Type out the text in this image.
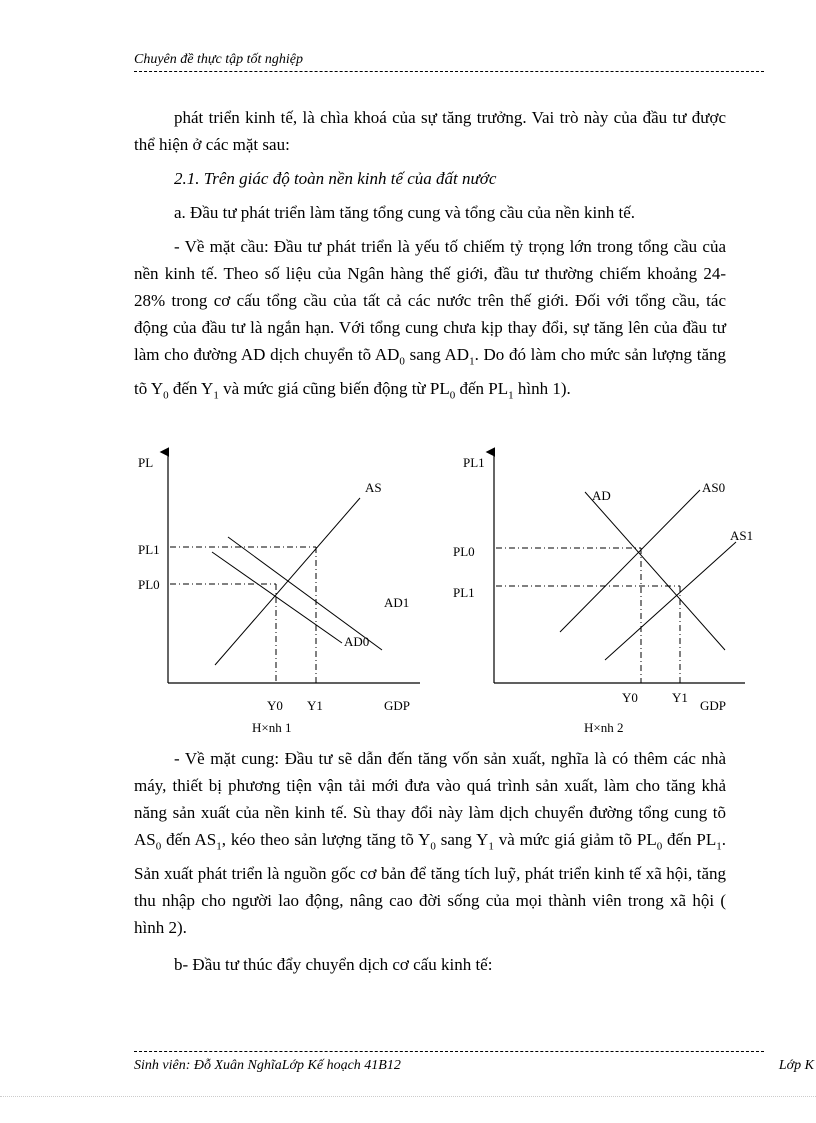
Chuyên đề thực tập tốt nghiệp

phát triển kinh tế, là chìa khoá của sự tăng trưởng. Vai trò này của đầu tư được thể hiện ở các mặt sau:

2.1. Trên giác độ toàn nền kinh tế của đất nước

a. Đầu tư phát triển làm tăng tổng cung và tổng cầu của nền kinh tế.

- Về mặt cầu: Đầu tư phát triển là yếu tố chiếm tỷ trọng lớn trong tổng cầu của nền kinh tế. Theo số liệu của Ngân hàng thế giới, đầu tư thường chiếm khoảng 24- 28% trong cơ cấu tổng cầu của tất cả các nước trên thế giới. Đối với tổng cầu, tác động của đầu tư là ngắn hạn. Với tổng cung chưa kịp thay đổi, sự tăng lên của đầu tư làm cho đường AD dịch chuyển tõ $AD_0$ sang $AD_1$. Do đó làm cho mức sản lượng tăng tõ $Y_0$ đến $Y_1$ và mức giá cũng biến động từ $PL_0$ đến $PL_1$ hình 1).

PL
AS
AD1
AD0
PL1
PL0
Y0 Y1	GDP
H×nh 1
PL1
AD
AS0
AS1
PL0
PL1
Y0	Y1
GDP
H×nh 2

- Về mặt cung: Đầu tư sẽ dẫn đến tăng vốn sản xuất, nghĩa là có thêm các nhà máy, thiết bị phương tiện vận tải mới đưa vào quá trình sản xuất, làm cho tăng khả năng sản xuất của nền kinh tế. Sù thay đổi này làm dịch chuyển đường tổng cung tõ $AS_0$ đến $AS_1$, kéo theo sản lượng tăng tõ $Y_0$ sang $Y_1$ và mức giá giảm tõ $PL_0$ đến $PL_1$. Sản xuất phát triển là nguồn gốc cơ bản để tăng tích luỹ, phát triển kinh tế xã hội, tăng thu nhập cho người lao động, nâng cao đời sống của mọi thành viên trong xã hội ( hình 2).

b- Đầu tư thúc đẩy chuyển dịch cơ cấu kinh tế:

Sinh viên: Đỗ Xuân NghĩaLớp Kế hoạch 41B12	Lớp K
